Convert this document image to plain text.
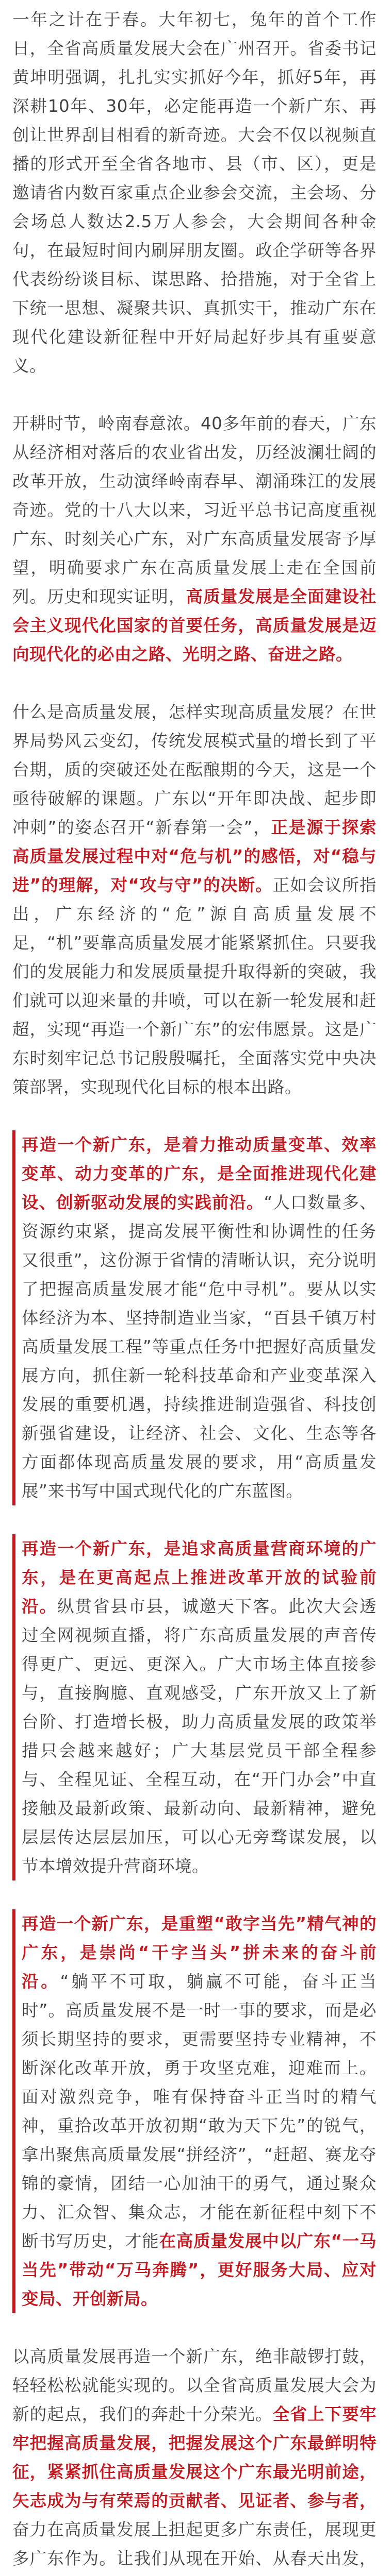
一年之计在于春。大年初七，兔年的首个工作日，全省高质量发展大会在广州召开。省委书记黄坤明强调，扎扎实实抓好今年，抓好5年，再深耕10年、30年，必定能再造一个新广东、再创让世界刮目相看的新奇迹。大会不仅以视频直播的形式开至全省各地市、县（市、区），更是邀请省内数百家重点企业参会交流，主会场、分会场总人数达2.5万人参会，大会期间各种金句，在最短时间内刷屏朋友圈。政企学研等各界代表纷纷谈目标、谋思路、拾措施，对于全省上下统一思想、凝聚共识、真抓实干，推动广东在现代化建设新征程中开好局起好步具有重要意义。
开耕时节，岭南春意浓。40多年前的春天，广东从经济相对落后的农业省出发，历经波澜壮阔的改革开放，生动演绎岭南春早、潮涌珠江的发展奇迹。党的十八大以来，习近平总书记高度重视广东、时刻关心广东，对广东高质量发展寄予厚望，明确要求广东在高质量发展上走在全国前列。历史和现实证明，高质量发展是全面建设社会主义现代化国家的首要任务，高质量发展是迈向现代化的必由之路、光明之路、奋进之路。
什么是高质量发展，怎样实现高质量发展？在世界局势风云变幻，传统发展模式量的增长到了平台期，质的突破还处在酝酿期的今天，这是一个亟待破解的课题。广东以“开年即决战、起步即冲刺”的姿态召开“新春第一会”，正是源于探索高质量发展过程中对“危与机”的感悟，对“稳与进”的理解，对“攻与守”的决断。正如会议所指出，广东经济的“危”源自高质量发展不足，“机”要靠高质量发展才能紧紧抓住。只要我们的发展能力和发展质量提升取得新的突破，我们就可以迎来量的井喷，可以在新一轮发展和赶超，实现“再造一个新广东”的宏伟愿景。这是广东时刻牢记总书记殷殷嘱托，全面落实党中央决策部署，实现现代化目标的根本出路。
再造一个新广东，是着力推动质量变革、效率变革、动力变革的广东，是全面推进现代化建设、创新驱动发展的实践前沿。“人口数量多、资源约束紧，提高发展平衡性和协调性的任务又很重”，这份源于省情的清晰认识，充分说明了把握高质量发展才能“危中寻机”。要从以实体经济为本、坚持制造业当家，“百县千镇万村高质量发展工程”等重点任务中把握好高质量发展方向，抓住新一轮科技革命和产业变革深入发展的重要机遇，持续推进制造强省、科技创新强省建设，让经济、社会、文化、生态等各方面都体现高质量发展的要求，用“高质量发展”来书写中国式现代化的广东蓝图。
再造一个新广东，是追求高质量营商环境的广东，是在更高起点上推进改革开放的试验前沿。纵贯省县市县，诚邀天下客。此次大会透过全网视频直播，将广东高质量发展的声音传得更广、更远、更深入。广大市场主体直接参与，直接胸臆、直观感受，广东开放又上了新台阶、打造增长极，助力高质量发展的政策举措只会越来越好；广大基层党员干部全程参与、全程见证、全程互动，在“开门办会”中直接触及最新政策、最新动向、最新精神，避免层层传达层层加压，可以心无旁骛谋发展，以节本增效提升营商环境。
再造一个新广东，是重塑“敢字当先”精气神的广东，是崇尚“干字当头”拼未来的奋斗前沿。“躺平不可取，躺赢不可能，奋斗正当时”。高质量发展不是一时一事的要求，而是必须长期坚持的要求，更需要坚持专业精神，不断深化改革开放，勇于攻坚克难，迎难而上。面对激烈竞争，唯有保持奋斗正当时的精气神，重拾改革开放初期“敢为天下先”的锐气，拿出聚焦高质量发展“拼经济”，“赶超、赛龙夺锦的豪情，团结一心加油干的勇气，通过聚众力、汇众智、集众志，才能在新征程中刻下不断书写历史，才能在高质量发展中以广东“一马当先”带动“万马奔腾”，更好服务大局、应对变局、开创新局。
以高质量发展再造一个新广东，绝非敲锣打鼓，轻轻松松就能实现的。以全省高质量发展大会为新的起点，我们的奔赴十分荣光。全省上下要牢牢把握高质量发展，把握发展这个广东最鲜明特征，紧紧抓住高质量发展这个广东最光明前途，矢志成为与有荣焉的贡献者、见证者、参与者，奋力在高质量发展上担起更多广东责任，展现更多广东作为。让我们从现在开始、从春天出发，
